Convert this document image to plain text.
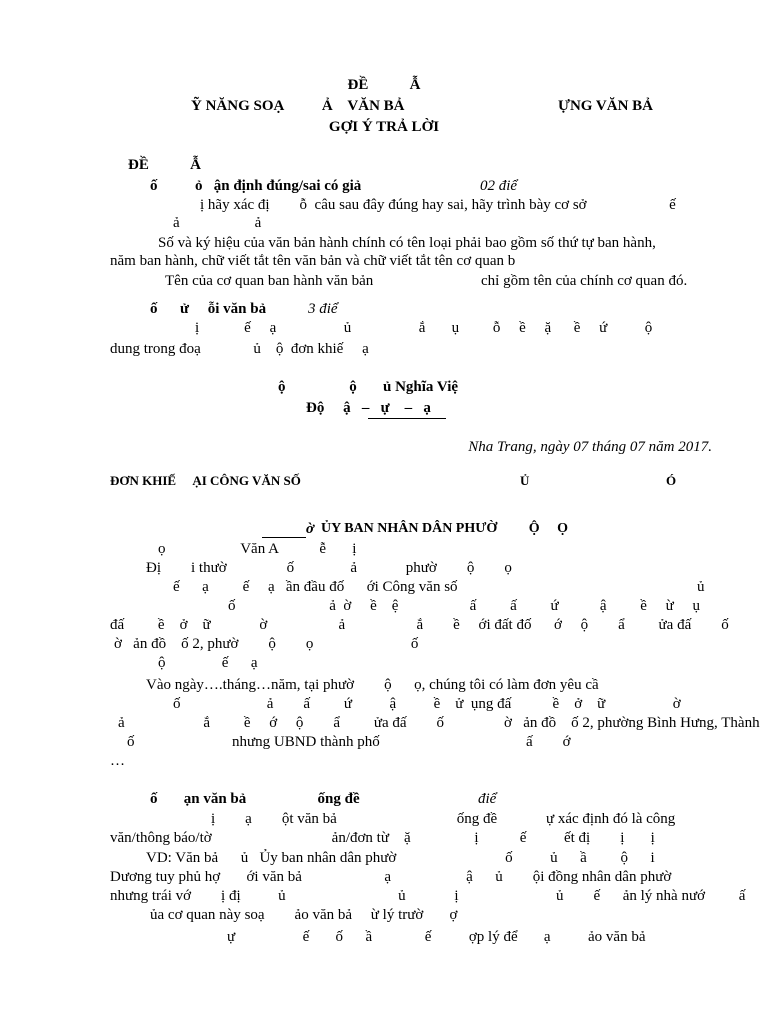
ĐỀ           Ẫ
Ỹ NĂNG SOẠ          Ả    VĂN BẢ	ỰNG VĂN BẢ
GỢI Ý TRẢ LỜI
ĐỀ           Ẫ
ố          ỏ   ận định đúng/sai có giả	02 điể
ị hãy xác đị        ỗ  câu sau đây đúng hay sai, hãy trình bày cơ sở                      ế
ả                    ả
Số và ký hiệu của văn bản hành chính có tên loại phải bao gồm số thứ tự ban hành,
năm ban hành, chữ viết tắt tên văn bản và chữ viết tắt tên cơ quan b
Tên của cơ quan ban hành văn bản	chỉ gồm tên của chính cơ quan đó.
ố      ử     ỗi văn bả	3 điể
ị            ế     ạ                  ủ                  ắ       ụ         ỗ     ề     ặ      ề     ứ          ộ
dung trong đoạ              ủ    ộ  đơn khiế     ạ
ộ                 ộ       ủ Nghĩa Việ
Độ     ậ   –   ự    –   ạ
Nha Trang, ngày 07 tháng 07 năm 2017.
ĐƠN KHIẾ     ẠI CÔNG VĂN SỐ	Ủ	Ó
ờ ỦY BAN NHÂN DÂN PHƯỜ         Ộ     Ọ
ọ                    Văn A           ễ       ị
Đị        i thườ                ố               ả             phườ        ộ        ọ
ế      ạ         ế     ạ   ần đầu đố      ới Công văn số	ủ
ố                         ả  ờ     ề    ệ                   ấ         ấ         ứ           ậ         ề     ừ     ụ
đấ         ề    ở    ữ             ờ                   ả                   ắ        ề     ới đất đố      ớ     ộ        ẩ         ửa đấ        ố
ờ   ản đồ    ố 2, phườ        ộ        ọ                          ố
ộ               ế      ạ
Vào ngày….tháng…năm, tại phườ        ộ      ọ, chúng tôi có làm đơn yêu cầ
ố                       ả        ấ         ứ          ậ          ề    ử  ụng đấ           ề    ở    ữ                  ờ
ả                     ắ         ề     ớ     ộ        ẩ         ửa đấ        ố                ờ   ản đồ    ố 2, phường Bình Hưng, Thành
ố                          nhưng UBND thành phố                                       ấ        ớ
…
ố       ạn văn bả                   ống đề	điể
ị        ạ        ột văn bả                                ống đề             ự xác định đó là công
văn/thông báo/tờ                                ản/đơn từ    ặ                 ị           ế          ết đị        ị       ị
VD: Văn bả      ủ   Ủy ban nhân dân phườ                             ố          ủ      ầ         ộ      i
Dương tuy phủ hợ       ới văn bả                      ạ                    ậ      ủ        ội đồng nhân dân phườ
nhưng trái vớ        ị đị          ủ                              ủ             ị                          ủ        ế      ản lý nhà nướ         ấ
ủa cơ quan này soạ        ảo văn bả     ừ lý trườ       ợ
ự                  ế       ố      ầ              ế          ợp lý để       ạ          ảo văn bả
